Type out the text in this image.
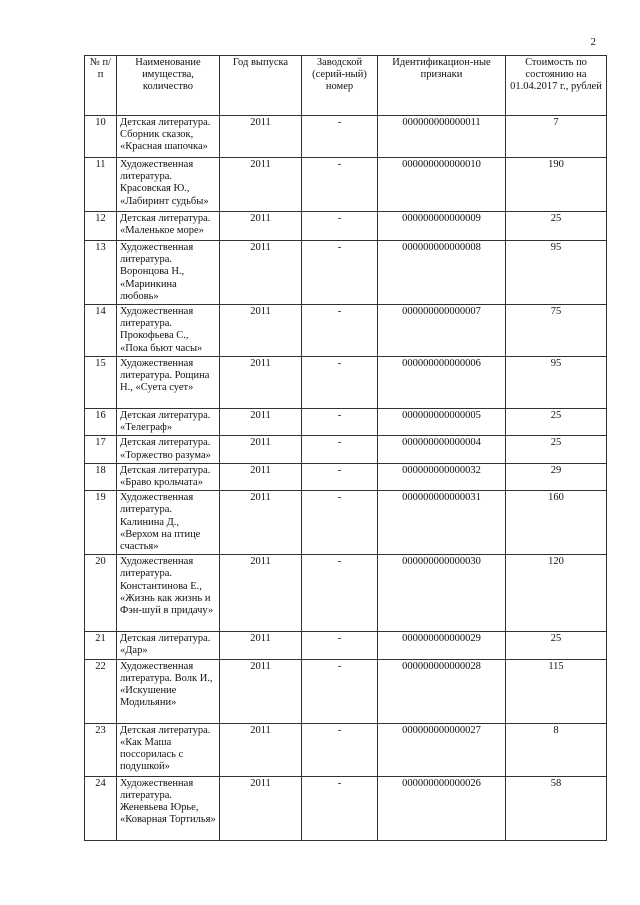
2
№ п/п	Наименование имущества, количество	Год выпуска	Заводской (серий-ный) номер	Идентификацион-ные признаки	Стоимость по состоянию на 01.04.2017 г., рублей
10	Детская литература. Сборник сказок, «Красная шапочка»	2011	-	000000000000011	7
11	Художественная литература. Красовская Ю., «Лабиринт судьбы»	2011	-	000000000000010	190
12	Детская литература. «Маленькое море»	2011	-	000000000000009	25
13	Художественная литература. Воронцова Н., «Маринкина любовь»	2011	-	000000000000008	95
14	Художественная литература. Прокофьева С., «Пока бьют часы»	2011	-	000000000000007	75
15	Художественная литература. Рощина Н., «Суета сует»	2011	-	000000000000006	95
16	Детская литература. «Телеграф»	2011	-	000000000000005	25
17	Детская литература. «Торжество разума»	2011	-	000000000000004	25
18	Детская литература. «Браво крольчата»	2011	-	000000000000032	29
19	Художественная литература. Калинина Д., «Верхом на птице счастья»	2011	-	000000000000031	160
20	Художественная литература. Константинова Е., «Жизнь как жизнь и Фэн-шуй в придачу»	2011	-	000000000000030	120
21	Детская литература. «Дар»	2011	-	000000000000029	25
22	Художественная литература. Волк И., «Искушение Модильяни»	2011	-	000000000000028	115
23	Детская литература. «Как Маша поссорилась с подушкой»	2011	-	000000000000027	8
24	Художественная литература. Женевьева Юрье, «Коварная Тортилья»	2011	-	000000000000026	58
